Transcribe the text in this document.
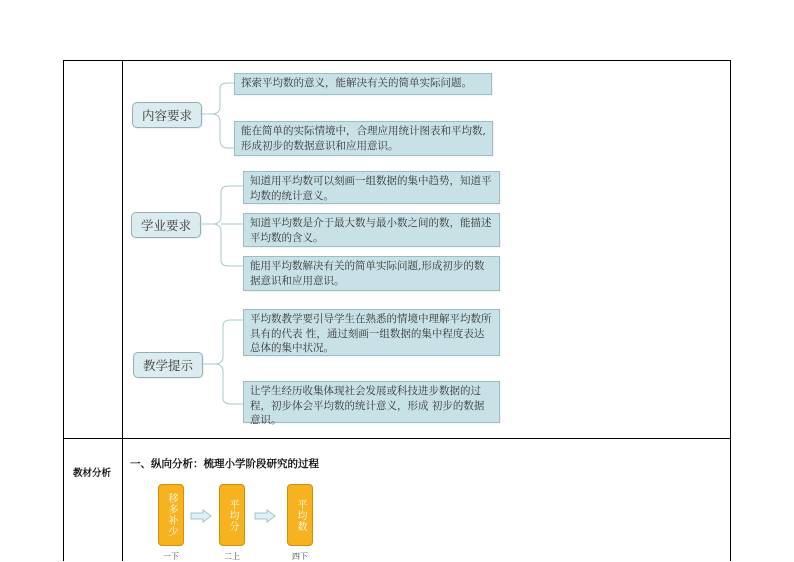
内容要求
探索平均数的意义，能解决有关的简单实际问题。
能在简单的实际情境中，合理应用统计图表和平均数,形成初步的数据意识和应用意识。
学业要求
知道用平均数可以刻画一组数据的集中趋势，知道平均数的统计意义。
知道平均数是介于最大数与最小数之间的数，能描述平均数的含义。
能用平均数解决有关的简单实际问题,形成初步的数 据意识和应用意识。
教学提示
平均数教学要引导学生在熟悉的情境中理解平均数所具有的代表 性，通过刻画一组数据的集中程度表达总体的集中状况。
让学生经历收集体现社会发展或科技进步数据的过程，初步体会平均数的统计意义，形成 初步的数据意识。
教材分析
一、纵向分析：梳理小学阶段研究的过程
移多补少
一下
平均分
二上
平均数
四下
